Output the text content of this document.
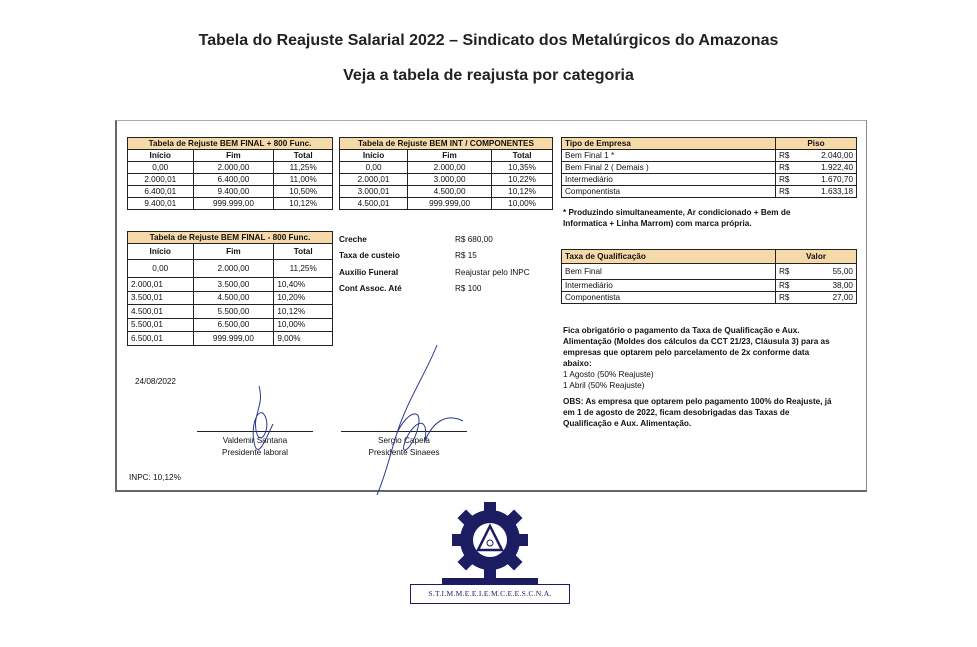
Tabela do Reajuste Salarial 2022 – Sindicato dos Metalúrgicos do Amazonas
Veja a tabela de reajusta por categoria
Tabela de Rejuste BEM FINAL + 800 Func.		
Início	Fim	Total
0,00	2.000,00	11,25%
2.000,01	6.400,00	11,00%
6.400,01	9.400,00	10,50%
9.400,01	999.999,00	10,12%
Tabela de Rejuste BEM INT / COMPONENTES		
Início	Fim	Total
0,00	2.000,00	10,35%
2.000,01	3.000,00	10,22%
3.000,01	4.500,00	10,12%
4.500,01	999.999,00	10,00%
Tipo de Empresa	Piso	
Bem Final 1 *	R$	2.040,00
Bem Final 2 ( Demais )	R$	1.922,40
Intermediário	R$	1.670,70
Componentista	R$	1.633,18
* Produzindo simultaneamente, Ar condicionado + Bem de
Informatica + Linha Marrom) com marca própria.
Tabela de Rejuste BEM FINAL - 800 Func.		
Início	Fim	Total
0,00	2.000,00	11,25%
2.000,01	3.500,00	10,40%
3.500,01	4.500,00	10,20%
4.500,01	5.500,00	10,12%
5.500,01	6.500,00	10,00%
6.500,01	999.999,00	9,00%
Creche	R$ 680,00
Taxa de custeio	R$ 15
Auxilio Funeral	Reajustar pelo INPC
Cont Assoc. Até	R$ 100
Taxa de Qualificação	Valor	
Bem Final	R$	55,00
Intermediário	R$	38,00
Componentista	R$	27,00
Fica obrigatório o pagamento da Taxa de Qualificação e Aux.
Alimentação (Moldes dos cálculos da CCT 21/23, Cláusula 3) para as
empresas que optarem pelo parcelamento de 2x conforme data
abaixo:
1 Agosto (50% Reajuste)
1 Abril (50% Reajuste)
OBS: As empresa que optarem pelo pagamento 100% do Reajuste, já
em 1 de agosto de 2022, ficam desobrigadas das Taxas de
Qualificação e Aux. Alimentação.
24/08/2022
Valdemir Santana
Presidente laboral
Sergio Capela
Presidente Sinaees
INPC: 10,12%
S.T.I.M.M.E.E.I.E.M.C.E.E.S.C.N.A.
